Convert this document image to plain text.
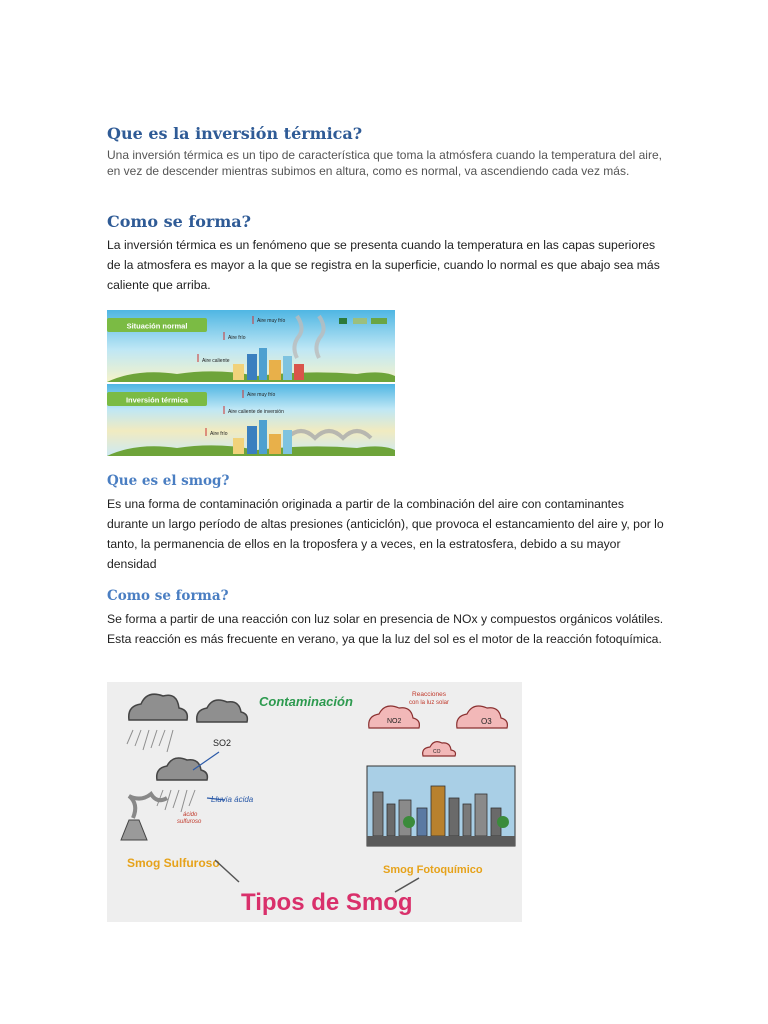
Que es la inversión térmica?

Una inversión térmica es un tipo de característica que toma la atmósfera cuando la temperatura del aire, en vez de descender mientras subimos en altura, como es normal, va ascendiendo cada vez más.

Como se forma?

La inversión térmica es un fenómeno que se presenta cuando la temperatura en las capas superiores de la atmosfera es mayor a la que se registra en la superficie, cuando lo normal es que abajo sea más caliente que arriba.

Situación normal
Aire muy frío
Aire frío
Aire caliente
Inversión térmica
Aire muy frío
Aire caliente de inversión
Aire frío
Que es el smog?

Es una forma de contaminación originada a partir de la combinación del aire con contaminantes durante un largo período de altas presiones (anticiclón), que provoca el estancamiento del aire y, por lo tanto, la permanencia de ellos en la troposfera y a veces, en la estratosfera, debido a su mayor densidad

Como se forma?

Se forma a partir de una reacción con luz solar en presencia de NOx y compuestos orgánicos volátiles. Esta reacción es más frecuente en verano, ya que la luz del sol es el motor de la reacción fotoquímica.

SO2
Lluvia ácida
ácido
sulfuroso
Smog Sulfuroso
Contaminación	Reacciones
con la luz solar
NO2	O3
CO
Smog Fotoquímico
Tipos de Smog
